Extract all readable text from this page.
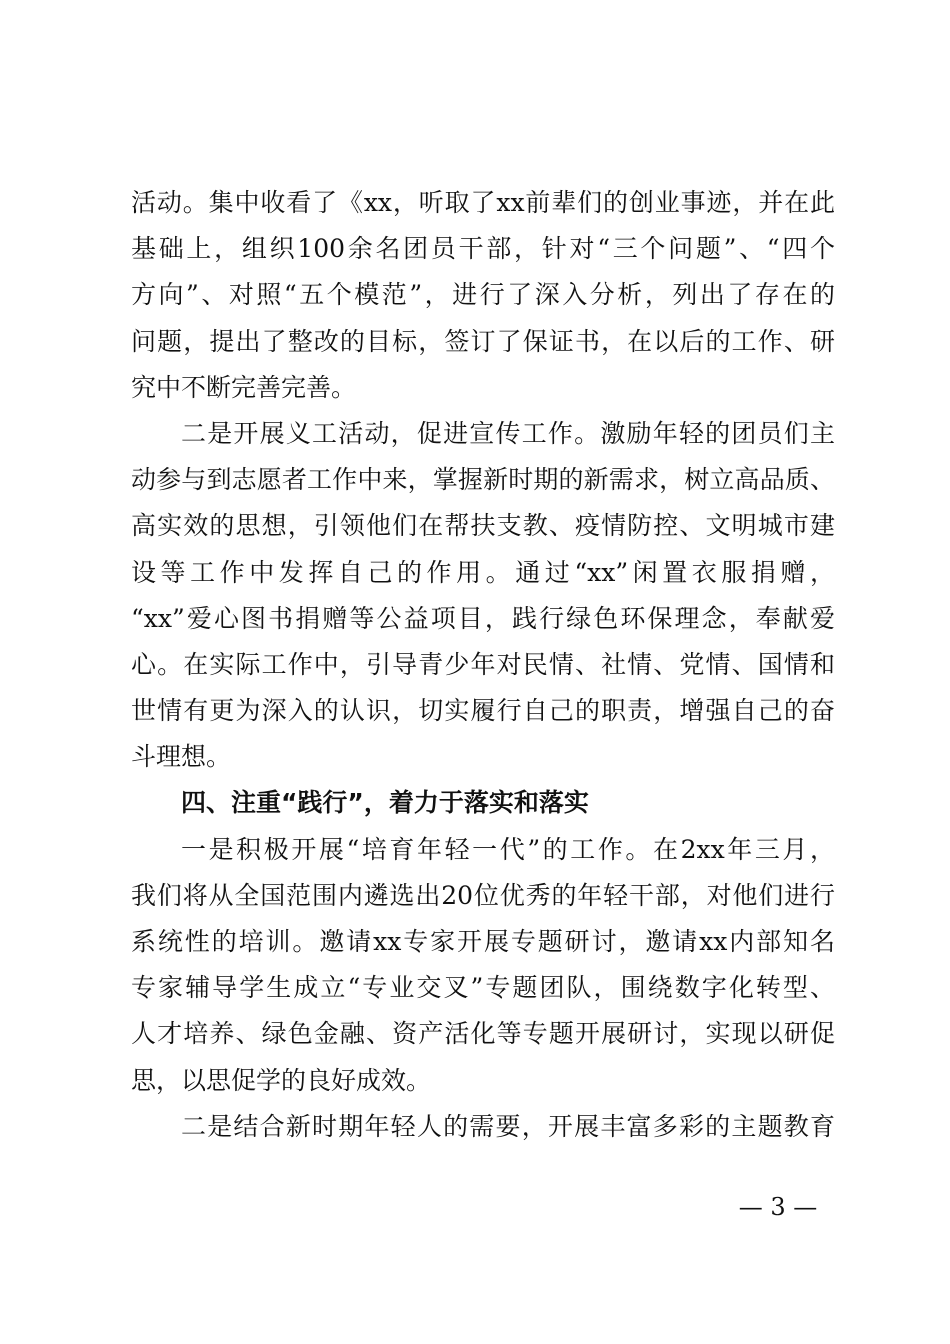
活动。集中收看了《xx，听取了xx前辈们的创业事迹，并在此
基础上，组织100余名团员干部，针对“三个问题”、“四个
方向”、对照“五个模范”，进行了深入分析，列出了存在的
问题，提出了整改的目标，签订了保证书，在以后的工作、研
究中不断完善完善。
二是开展义工活动，促进宣传工作。激励年轻的团员们主
动参与到志愿者工作中来，掌握新时期的新需求，树立高品质、
高实效的思想，引领他们在帮扶支教、疫情防控、文明城市建
设等工作中发挥自己的作用。通过“xx”闲置衣服捐赠，
“xx”爱心图书捐赠等公益项目，践行绿色环保理念，奉献爱
心。在实际工作中，引导青少年对民情、社情、党情、国情和
世情有更为深入的认识，切实履行自己的职责，增强自己的奋
斗理想。
四、注重“践行”，着力于落实和落实
一是积极开展“培育年轻一代”的工作。在2xx年三月，
我们将从全国范围内遴选出20位优秀的年轻干部，对他们进行
系统性的培训。邀请xx专家开展专题研讨，邀请xx内部知名
专家辅导学生成立“专业交叉”专题团队，围绕数字化转型、
人才培养、绿色金融、资产活化等专题开展研讨，实现以研促
思，以思促学的良好成效。
二是结合新时期年轻人的需要，开展丰富多彩的主题教育
— 3 —
